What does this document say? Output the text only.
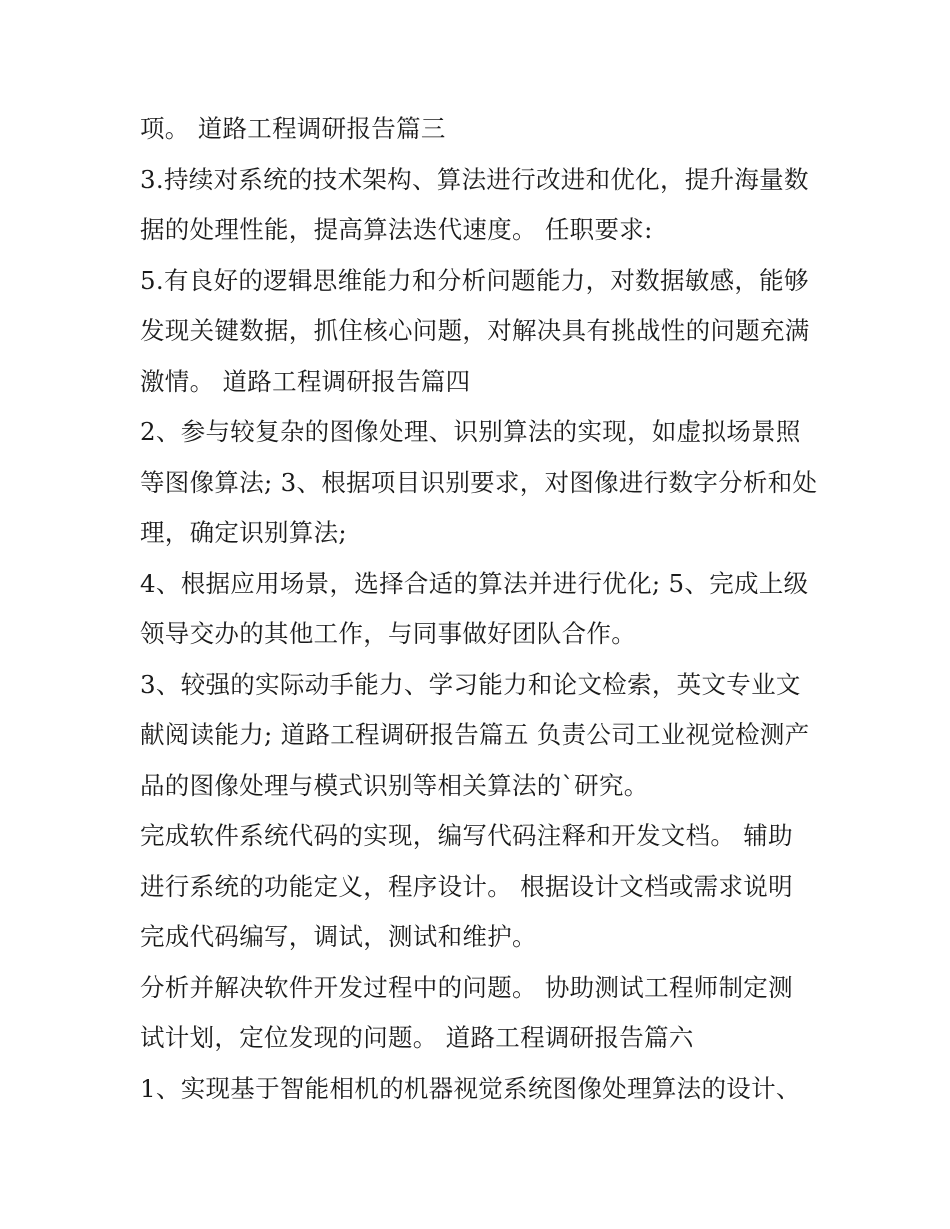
项。 道路工程调研报告篇三
3.持续对系统的技术架构、算法进行改进和优化，提升海量数
据的处理性能，提高算法迭代速度。 任职要求:
5.有良好的逻辑思维能力和分析问题能力，对数据敏感，能够
发现关键数据，抓住核心问题，对解决具有挑战性的问题充满
激情。 道路工程调研报告篇四
2、参与较复杂的图像处理、识别算法的实现，如虚拟场景照
等图像算法; 3、根据项目识别要求，对图像进行数字分析和处
理，确定识别算法;
4、根据应用场景，选择合适的算法并进行优化; 5、完成上级
领导交办的其他工作，与同事做好团队合作。
3、较强的实际动手能力、学习能力和论文检索，英文专业文
献阅读能力; 道路工程调研报告篇五 负责公司工业视觉检测产
品的图像处理与模式识别等相关算法的`研究。
完成软件系统代码的实现，编写代码注释和开发文档。 辅助
进行系统的功能定义，程序设计。 根据设计文档或需求说明
完成代码编写，调试，测试和维护。
分析并解决软件开发过程中的问题。 协助测试工程师制定测
试计划，定位发现的问题。 道路工程调研报告篇六
1、实现基于智能相机的机器视觉系统图像处理算法的设计、
